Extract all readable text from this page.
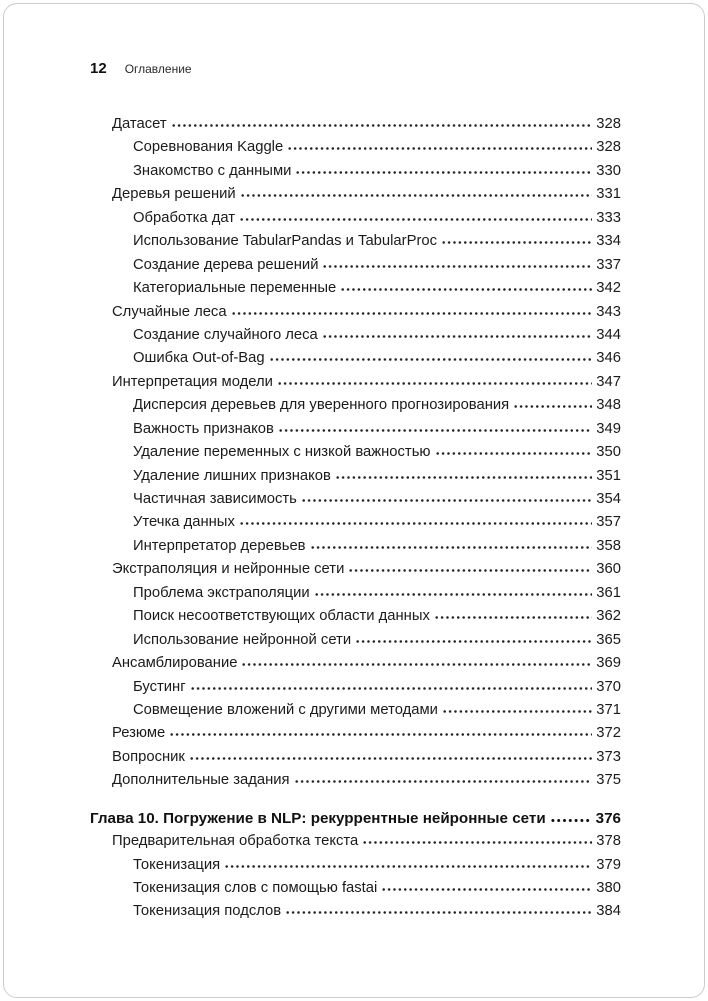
12 Оглавление
Датасет	328
Соревнования Kaggle	328
Знакомство с данными	330
Деревья решений	331
Обработка дат	333
Использование TabularPandas и TabularProc	334
Создание дерева решений	337
Категориальные переменные	342
Случайные леса	343
Создание случайного леса	344
Ошибка Out-of-Bag	346
Интерпретация модели	347
Дисперсия деревьев для уверенного прогнозирования	348
Важность признаков	349
Удаление переменных с низкой важностью	350
Удаление лишних признаков	351
Частичная зависимость	354
Утечка данных	357
Интерпретатор деревьев	358
Экстраполяция и нейронные сети	360
Проблема экстраполяции	361
Поиск несоответствующих области данных	362
Использование нейронной сети	365
Ансамблирование	369
Бустинг	370
Совмещение вложений с другими методами	371
Резюме	372
Вопросник	373
Дополнительные задания	375
Глава 10. Погружение в NLP: рекуррентные нейронные сети	376
Предварительная обработка текста	378
Токенизация	379
Токенизация слов с помощью fastai	380
Токенизация подслов	384
